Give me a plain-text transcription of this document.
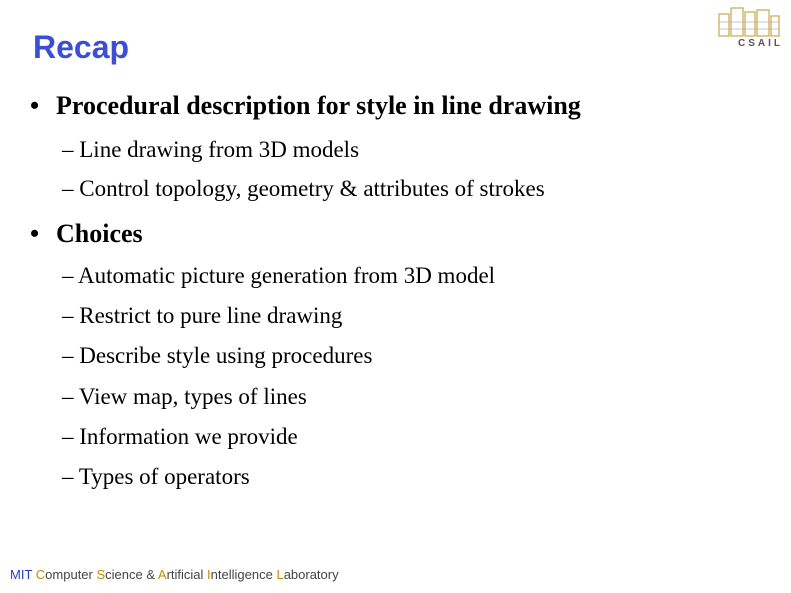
Recap	CSAIL
• Procedural description for style in line drawing
– Line drawing from 3D models
– Control topology, geometry & attributes of strokes
• Choices
– Automatic picture generation from 3D model
– Restrict to pure line drawing
– Describe style using procedures
– View map, types of lines
– Information we provide
– Types of operators
MIT Computer Science & Artificial Intelligence Laboratory
